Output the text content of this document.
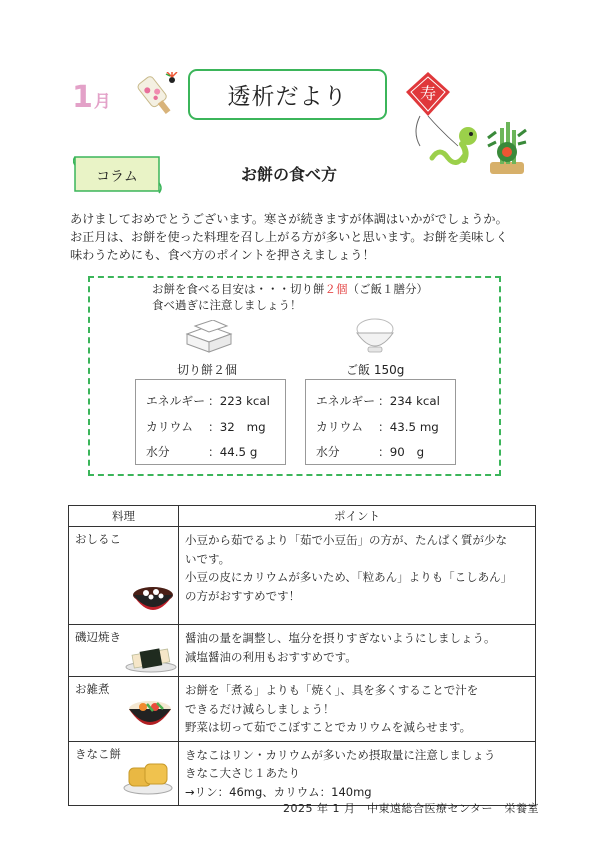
1月	透析だより	寿
コラム	お餅の食べ方
あけましておめでとうございます。寒さが続きますが体調はいかがでしょうか。
お正月は、お餅を使った料理を召し上がる方が多いと思います。お餅を美味しく
味わうためにも、食べ方のポイントを押さえましょう！
お餅を食べる目安は・・・切り餅２個（ご飯１膳分）
食べ過ぎに注意しましょう！
切り餅２個	ご飯 150g
エネルギー ：223 kcal
カリウム	：32　mg
水分	：44.5 g
エネルギー ：234 kcal
カリウム	：43.5 mg
水分	：90　g
料理	ポイント
おしるこ	小豆から茹でるより「茹で小豆缶」の方が、たんぱく質が少な
いです。
小豆の皮にカリウムが多いため、「粒あん」よりも「こしあん」
の方がおすすめです！

磯辺焼き	醤油の量を調整し、塩分を摂りすぎないようにしましょう。
減塩醤油の利用もおすすめです。

お雑煮	お餅を「煮る」よりも「焼く」、具を多くすることで汁を
できるだけ減らしましょう！
野菜は切って茹でこぼすことでカリウムを減らせます。

きなこ餅	きなこはリン・カリウムが多いため摂取量に注意しましょう
きなこ大さじ１あたり
→リン：46mg、カリウム：140mg
2025 年 1 月　中東遠総合医療センター　栄養室
